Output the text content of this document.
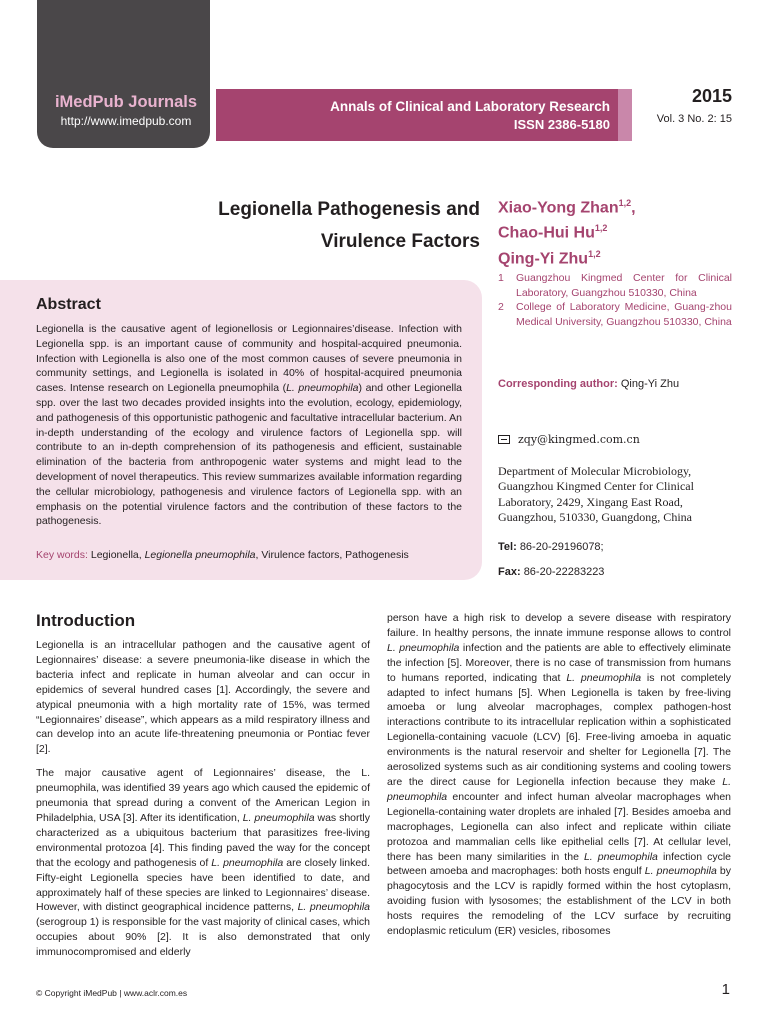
iMedPub Journals
http://www.imedpub.com
Annals of Clinical and Laboratory Research
ISSN 2386-5180
2015
Vol. 3 No. 2: 15
Legionella Pathogenesis and
Virulence Factors
Xiao-Yong Zhan$^{1,2}$,
Chao-Hui Hu$^{1,2}$
Qing-Yi Zhu$^{1,2}$
1	Guangzhou Kingmed Center for Clinical Laboratory, Guangzhou 510330, China
2	College of Laboratory Medicine, Guang-zhou Medical University, Guangzhou 510330, China
Corresponding author: Qing-Yi Zhu
zqy@kingmed.com.cn
Department of Molecular Microbiology, Guangzhou Kingmed Center for Clinical Laboratory, 2429, Xingang East Road, Guangzhou, 510330, Guangdong, China
Tel: 86-20-29196078;
Fax: 86-20-22283223
Abstract
Legionella is the causative agent of legionellosis or Legionnaires’disease. Infection with Legionella spp. is an important cause of community and hospital-acquired pneumonia. Infection with Legionella is also one of the most common causes of severe pneumonia in community settings, and Legionella is isolated in 40% of hospital-acquired pneumonia cases. Intense research on Legionella pneumophila (L. pneumophila) and other Legionella spp. over the last two decades provided insights into the evolution, ecology, epidemiology, and pathogenesis of this opportunistic pathogenic and facultative intracellular bacterium. An in-depth understanding of the ecology and virulence factors of Legionella spp. will contribute to an in-depth comprehension of its pathogenesis and efficient, sustainable elimination of the bacteria from anthropogenic water systems and might lead to the development of novel therapeutics. This review summarizes available information regarding the cellular microbiology, pathogenesis and virulence factors of Legionella spp. with an emphasis on the potential virulence factors and the contribution of these factors to the pathogenesis.
Key words: Legionella, Legionella pneumophila, Virulence factors, Pathogenesis
Introduction

Legionella is an intracellular pathogen and the causative agent of Legionnaires’ disease: a severe pneumonia-like disease in which the bacteria infect and replicate in human alveolar and can occur in epidemics of several hundred cases [1]. Accordingly, the severe and atypical pneumonia with a high mortality rate of 15%, was termed “Legionnaires’ disease”, which appears as a mild respiratory illness and can develop into an acute life-threatening pneumonia or Pontiac fever [2].

The major causative agent of Legionnaires’ disease, the L. pneumophila, was identified 39 years ago which caused the epidemic of pneumonia that spread during a convent of the American Legion in Philadelphia, USA [3]. After its identification, L. pneumophila was shortly characterized as a ubiquitous bacterium that parasitizes free-living environmental protozoa [4]. This finding paved the way for the concept that the ecology and pathogenesis of L. pneumophila are closely linked. Fifty-eight Legionella species have been identified to date, and approximately half of these species are linked to Legionnaires’ disease. However, with distinct geographical incidence patterns, L. pneumophila (serogroup 1) is responsible for the vast majority of clinical cases, which occupies about 90% [2]. It is also demonstrated that only immunocompromised and elderly

person have a high risk to develop a severe disease with respiratory failure. In healthy persons, the innate immune response allows to control L. pneumophila infection and the patients are able to effectively eliminate the infection [5]. Moreover, there is no case of transmission from humans to humans reported, indicating that L. pneumophila is not completely adapted to infect humans [5]. When Legionella is taken by free-living amoeba or lung alveolar macrophages, complex pathogen-host interactions contribute to its intracellular replication within a sophisticated Legionella-containing vacuole (LCV) [6]. Free-living amoeba in aquatic environments is the natural reservoir and shelter for Legionella [7]. The aerosolized systems such as air conditioning systems and cooling towers are the direct cause for Legionella infection because they make L. pneumophila encounter and infect human alveolar macrophages when Legionella-containing water droplets are inhaled [7]. Besides amoeba and macrophages, Legionella can also infect and replicate within ciliate protozoa and mammalian cells like epithelial cells [7]. At cellular level, there has been many similarities in the L. pneumophila infection cycle between amoeba and macrophages: both hosts engulf L. pneumophila by phagocytosis and the LCV is rapidly formed within the host cytoplasm, avoiding fusion with lysosomes; the establishment of the LCV in both hosts requires the remodeling of the LCV surface by recruiting endoplasmic reticulum (ER) vesicles, ribosomes

© Copyright iMedPub | www.aclr.com.es	1
